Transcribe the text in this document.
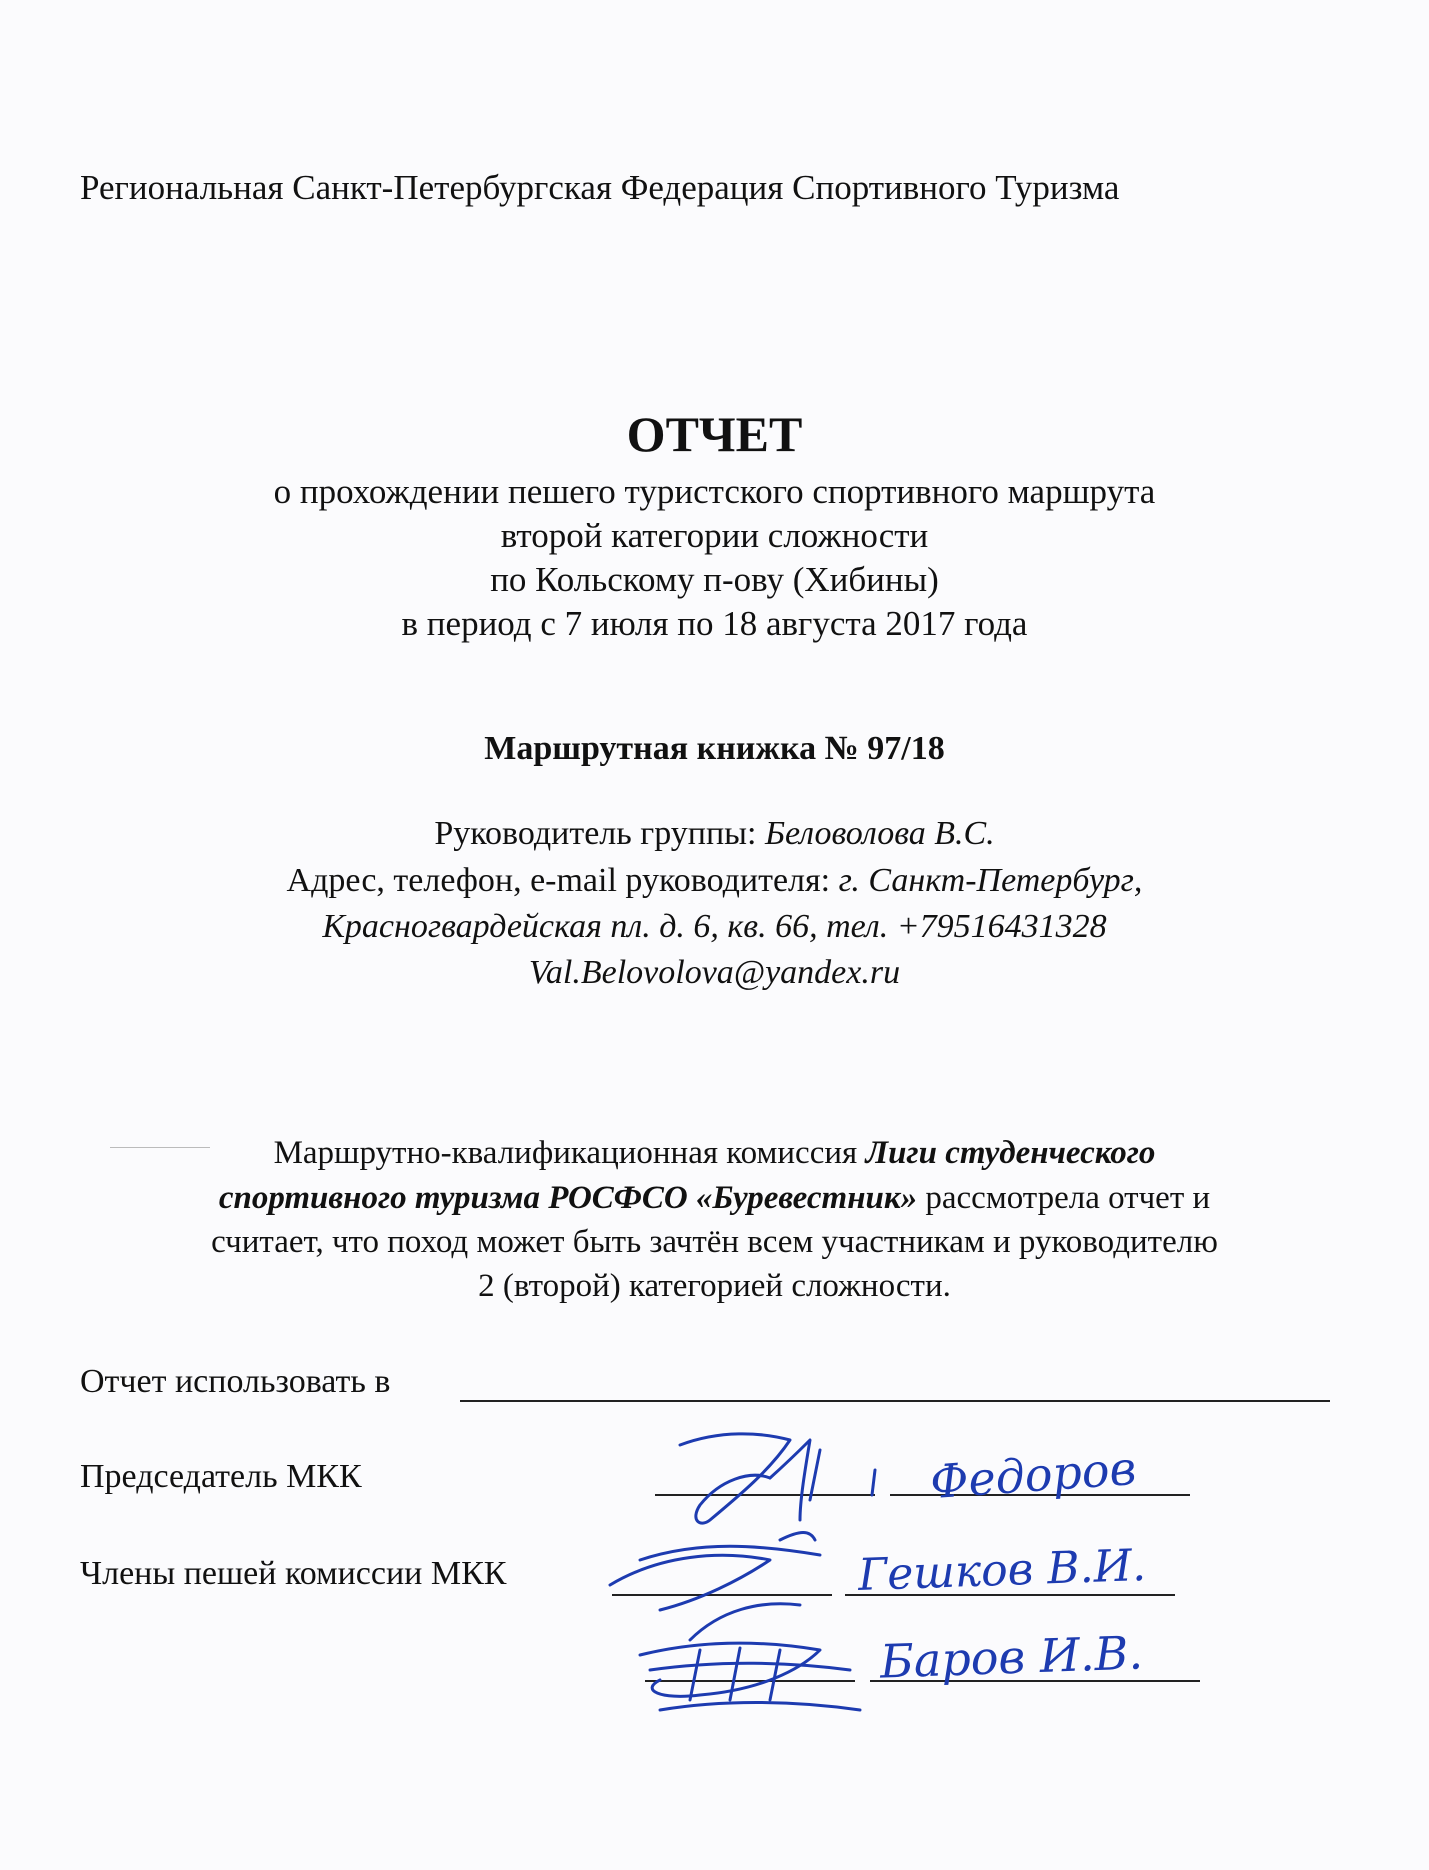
Региональная Санкт-Петербургская Федерация Спортивного Туризма
ОТЧЕТ
о прохождении пешего туристского спортивного маршрута
второй категории сложности
по Кольскому п-ову (Хибины)
в период с 7 июля по 18 августа 2017 года
Маршрутная книжка № 97/18
Руководитель группы: Беловолова В.С.
Адрес, телефон, e-mail руководителя: г. Санкт-Петербург,
Красногвардейская пл. д. 6, кв. 66, тел. +79516431328
Val.Belovolova@yandex.ru
Маршрутно-квалификационная комиссия Лиги студенческого
спортивного туризма РОСФСО «Буревестник» рассмотрела отчет и
считает, что поход может быть зачтён всем участникам и руководителю
2 (второй) категорией сложности.
Отчет использовать в
Председатель МКК
Члены пешей комиссии МКК
Федоров
Гешков В.И.
Баров И.В.
